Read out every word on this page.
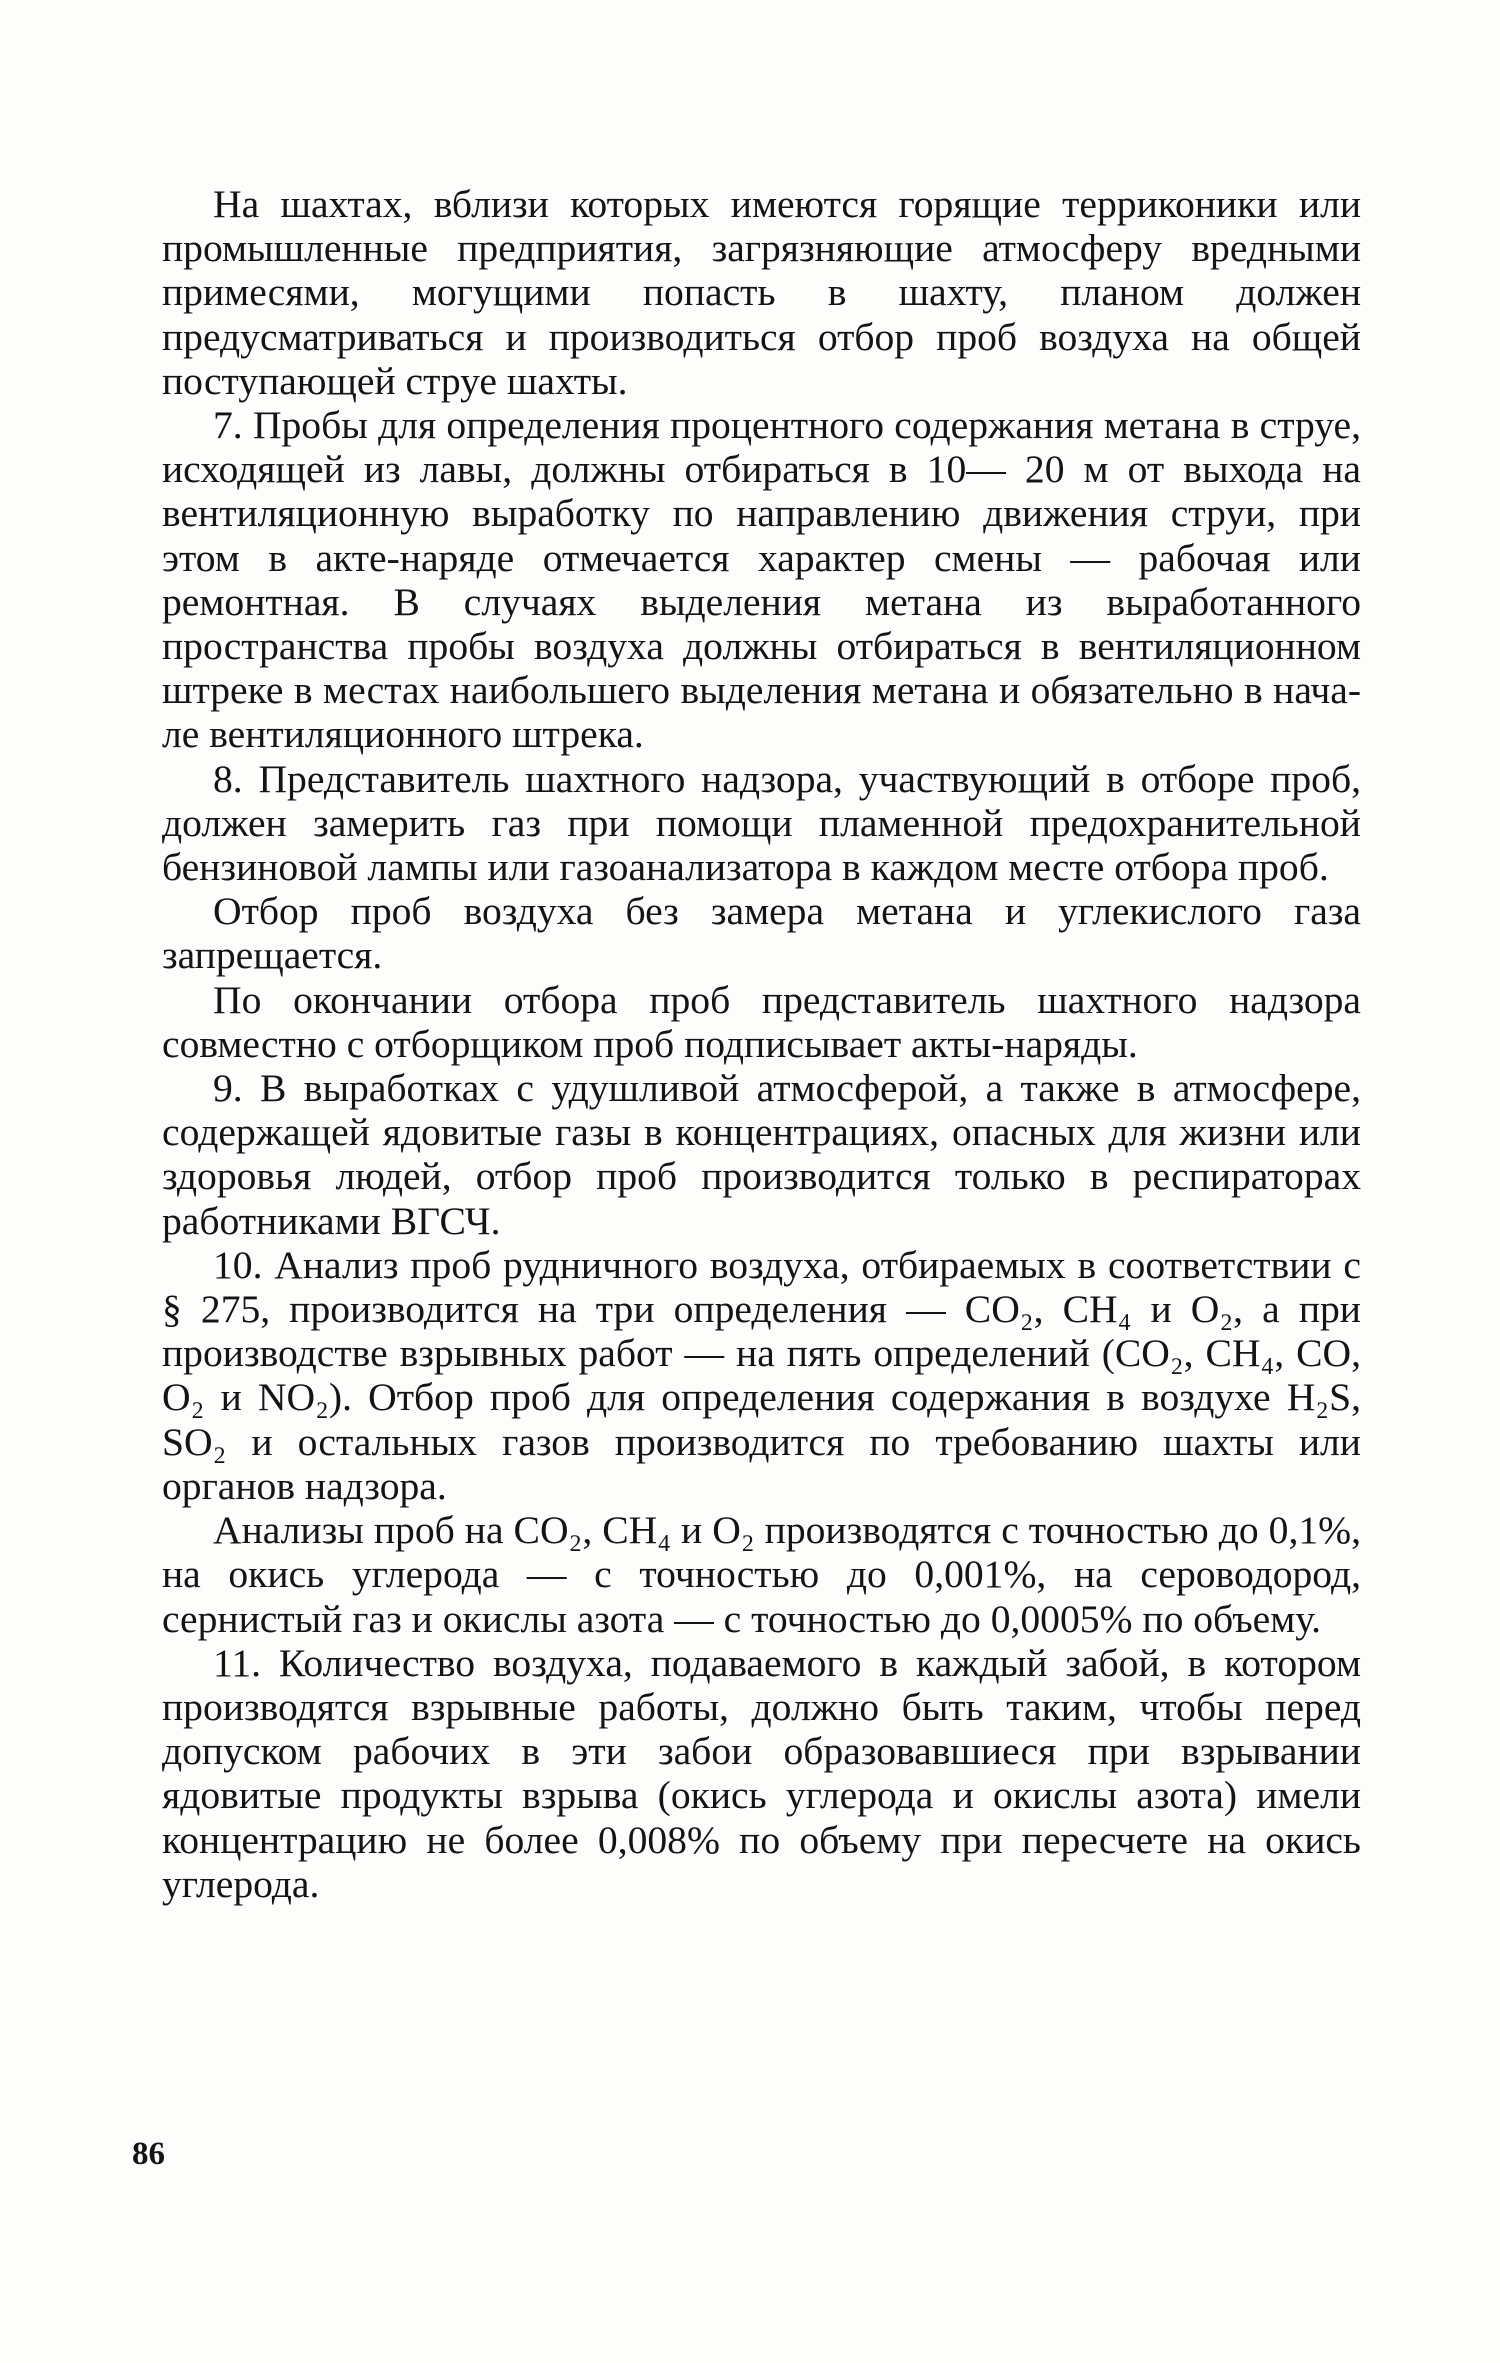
На шахтах, вблизи которых имеются горящие терриконики или промышленные предприятия, загрязняющие атмосферу вредными примесями, могущими попасть в шахту, планом должен предусматриваться и производиться отбор проб воздуха на общей поступающей струе шахты.

7. Пробы для определения процентного содержания метана в струе, исходящей из лавы, должны отбираться в 10— 20 м от выхода на вентиляционную выработку по направлению движения струи, при этом в акте-наряде отмечается характер смены — рабочая или ремонтная. В случаях выделения метана из выработанного пространства пробы воздуха должны отбираться в вентиляционном штреке в местах наибольшего выделения метана и обязательно в начале вентиляционного штрека.

8. Представитель шахтного надзора, участвующий в отборе проб, должен замерить газ при помощи пламенной предохранительной бензиновой лампы или газоанализатора в каждом месте отбора проб.

Отбор проб воздуха без замера метана и углекислого газа запрещается.

По окончании отбора проб представитель шахтного надзора совместно с отборщиком проб подписывает акты-наряды.

9. В выработках с удушливой атмосферой, а также в атмосфере, содержащей ядовитые газы в концентрациях, опасных для жизни или здоровья людей, отбор проб производится только в респираторах работниками ВГСЧ.

10. Анализ проб рудничного воздуха, отбираемых в соответствии с § 275, производится на три определения — CO₂, CH₄ и O₂, а при производстве взрывных работ — на пять определений (CO₂, CH₄, CO, O₂ и NO₂). Отбор проб для определения содержания в воздухе H₂S, SO₂ и остальных газов производится по требованию шахты или органов надзора.

Анализы проб на CO₂, CH₄ и O₂ производятся с точностью до 0,1%, на окись углерода — с точностью до 0,001%, на сероводород, сернистый газ и окислы азота — с точностью до 0,0005% по объему.

11. Количество воздуха, подаваемого в каждый забой, в котором производятся взрывные работы, должно быть таким, чтобы перед допуском рабочих в эти забои образовавшиеся при взрывании ядовитые продукты взрыва (окись углерода и окислы азота) имели концентрацию не более 0,008% по объему при пересчете на окись углерода.

86
